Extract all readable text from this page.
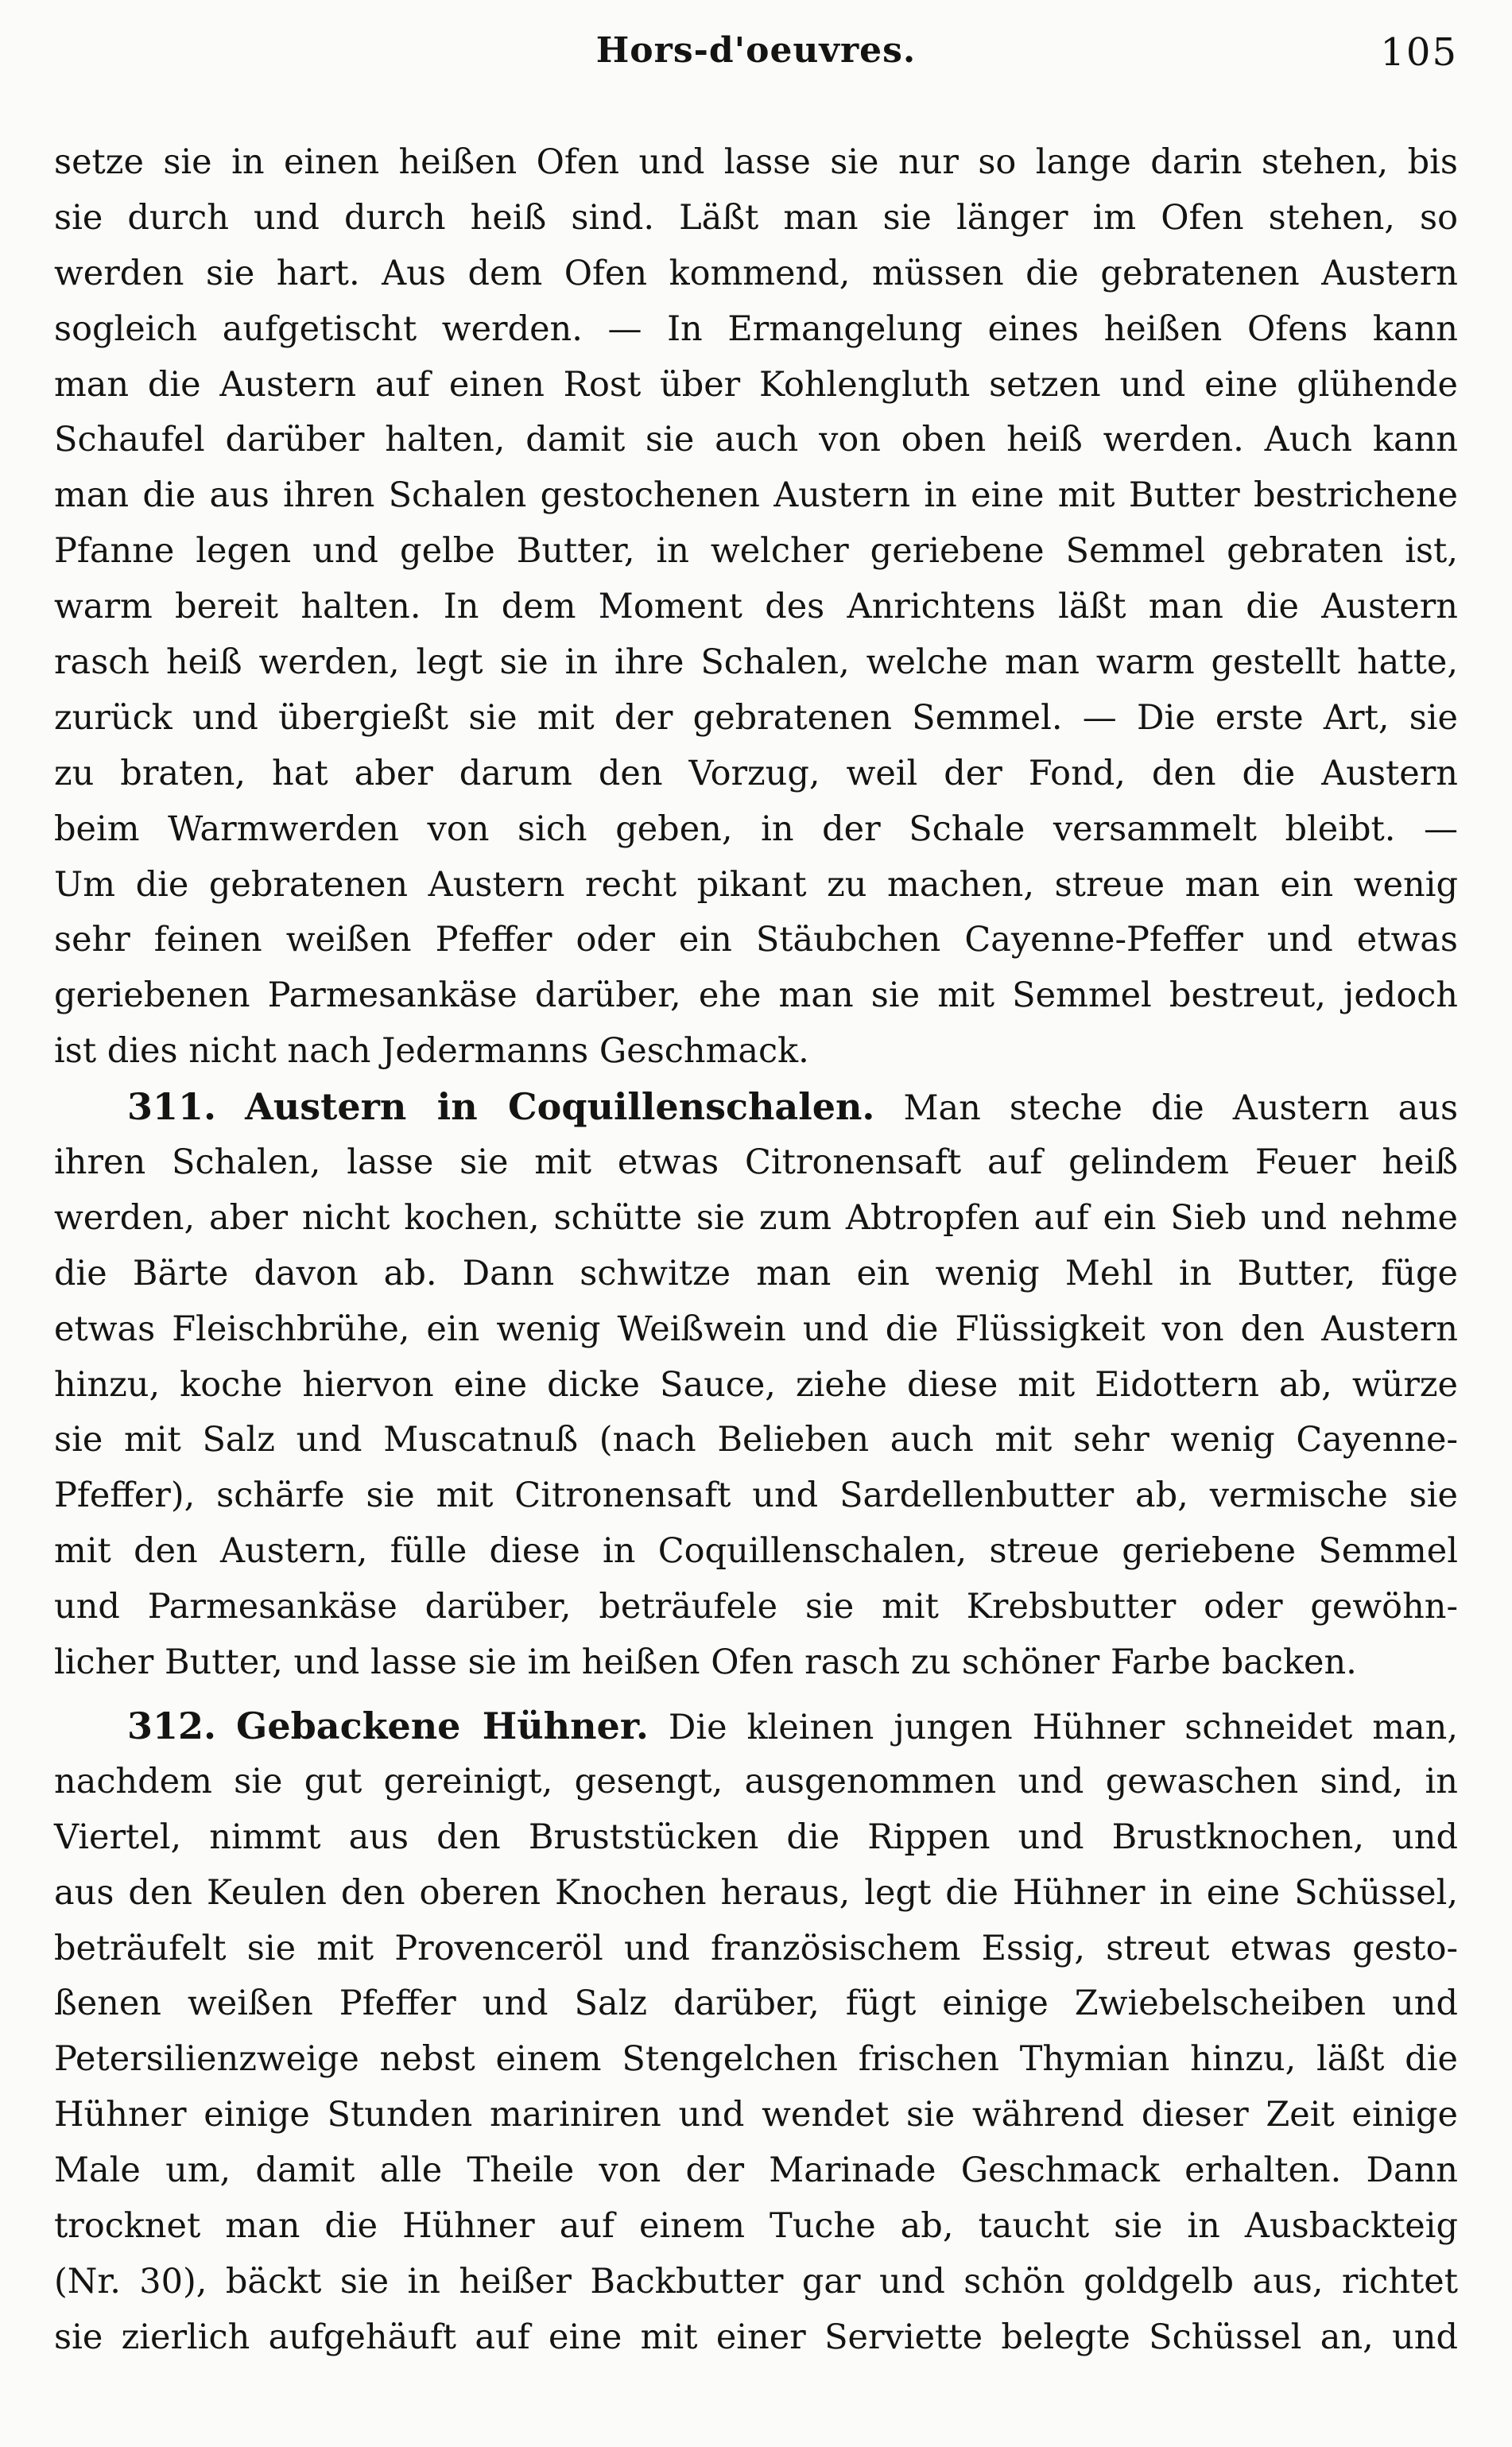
Hors-d'oeuvres.	105
setze sie in einen heißen Ofen und lasse sie nur so lange darin stehen, bis
sie durch und durch heiß sind. Läßt man sie länger im Ofen stehen, so
werden sie hart. Aus dem Ofen kommend, müssen die gebratenen Austern
sogleich aufgetischt werden. — In Ermangelung eines heißen Ofens kann
man die Austern auf einen Rost über Kohlengluth setzen und eine glühende
Schaufel darüber halten, damit sie auch von oben heiß werden. Auch kann
man die aus ihren Schalen gestochenen Austern in eine mit Butter bestrichene
Pfanne legen und gelbe Butter, in welcher geriebene Semmel gebraten ist,
warm bereit halten. In dem Moment des Anrichtens läßt man die Austern
rasch heiß werden, legt sie in ihre Schalen, welche man warm gestellt hatte,
zurück und übergießt sie mit der gebratenen Semmel. — Die erste Art, sie
zu braten, hat aber darum den Vorzug, weil der Fond, den die Austern
beim Warmwerden von sich geben, in der Schale versammelt bleibt. —
Um die gebratenen Austern recht pikant zu machen, streue man ein wenig
sehr feinen weißen Pfeffer oder ein Stäubchen Cayenne-Pfeffer und etwas
geriebenen Parmesankäse darüber, ehe man sie mit Semmel bestreut, jedoch
ist dies nicht nach Jedermanns Geschmack.
311. Austern in Coquillenschalen. Man steche die Austern aus
ihren Schalen, lasse sie mit etwas Citronensaft auf gelindem Feuer heiß
werden, aber nicht kochen, schütte sie zum Abtropfen auf ein Sieb und nehme
die Bärte davon ab. Dann schwitze man ein wenig Mehl in Butter, füge
etwas Fleischbrühe, ein wenig Weißwein und die Flüssigkeit von den Austern
hinzu, koche hiervon eine dicke Sauce, ziehe diese mit Eidottern ab, würze
sie mit Salz und Muscatnuß (nach Belieben auch mit sehr wenig Cayenne-
Pfeffer), schärfe sie mit Citronensaft und Sardellenbutter ab, vermische sie
mit den Austern, fülle diese in Coquillenschalen, streue geriebene Semmel
und Parmesankäse darüber, beträufele sie mit Krebsbutter oder gewöhn-
licher Butter, und lasse sie im heißen Ofen rasch zu schöner Farbe backen.
312. Gebackene Hühner. Die kleinen jungen Hühner schneidet man,
nachdem sie gut gereinigt, gesengt, ausgenommen und gewaschen sind, in
Viertel, nimmt aus den Bruststücken die Rippen und Brustknochen, und
aus den Keulen den oberen Knochen heraus, legt die Hühner in eine Schüssel,
beträufelt sie mit Provenceröl und französischem Essig, streut etwas gesto-
ßenen weißen Pfeffer und Salz darüber, fügt einige Zwiebelscheiben und
Petersilienzweige nebst einem Stengelchen frischen Thymian hinzu, läßt die
Hühner einige Stunden mariniren und wendet sie während dieser Zeit einige
Male um, damit alle Theile von der Marinade Geschmack erhalten. Dann
trocknet man die Hühner auf einem Tuche ab, taucht sie in Ausbackteig
(Nr. 30), bäckt sie in heißer Backbutter gar und schön goldgelb aus, richtet
sie zierlich aufgehäuft auf eine mit einer Serviette belegte Schüssel an, und
